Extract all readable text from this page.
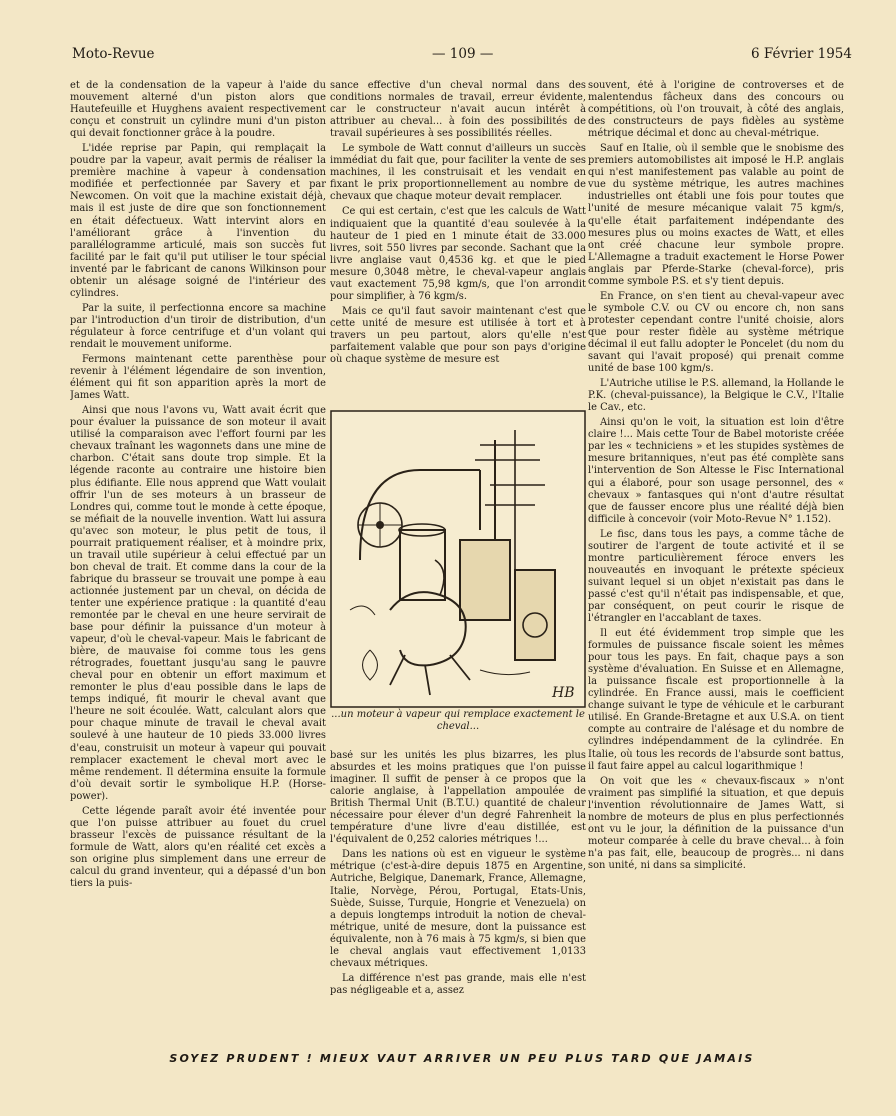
Moto-Revue	— 109 —	6 Février 1954

et de la condensation de la vapeur à l'aide du mouvement alterné d'un piston alors que Hautefeuille et Huyghens avaient respectivement conçu et construit un cylindre muni d'un piston qui devait fonctionner grâce à la poudre.

L'idée reprise par Papin, qui remplaçait la poudre par la vapeur, avait permis de réaliser la première machine à vapeur à condensation modifiée et perfectionnée par Savery et par Newcomen. On voit que la machine existait déjà, mais il est juste de dire que son fonctionnement en était défectueux. Watt intervint alors en l'améliorant grâce à l'invention du parallélogramme articulé, mais son succès fut facilité par le fait qu'il put utiliser le tour spécial inventé par le fabricant de canons Wilkinson pour obtenir un alésage soigné de l'intérieur des cylindres.

Par la suite, il perfectionna encore sa machine par l'introduction d'un tiroir de distribution, d'un régulateur à force centrifuge et d'un volant qui rendait le mouvement uniforme.

Fermons maintenant cette parenthèse pour revenir à l'élément légendaire de son invention, élément qui fit son apparition après la mort de James Watt.

Ainsi que nous l'avons vu, Watt avait écrit que pour évaluer la puissance de son moteur il avait utilisé la comparaison avec l'effort fourni par les chevaux traînant les wagonnets dans une mine de charbon. C'était sans doute trop simple. Et la légende raconte au contraire une histoire bien plus édifiante. Elle nous apprend que Watt voulait offrir l'un de ses moteurs à un brasseur de Londres qui, comme tout le monde à cette époque, se méfiait de la nouvelle invention. Watt lui assura qu'avec son moteur, le plus petit de tous, il pourrait pratiquement réaliser, et à moindre prix, un travail utile supérieur à celui effectué par un bon cheval de trait. Et comme dans la cour de la fabrique du brasseur se trouvait une pompe à eau actionnée justement par un cheval, on décida de tenter une expérience pratique : la quantité d'eau remontée par le cheval en une heure servirait de base pour définir la puissance d'un moteur à vapeur, d'où le cheval-vapeur. Mais le fabricant de bière, de mauvaise foi comme tous les gens rétrogrades, fouettant jusqu'au sang le pauvre cheval pour en obtenir un effort maximum et remonter le plus d'eau possible dans le laps de temps indiqué, fit mourir le cheval avant que l'heure ne soit écoulée. Watt, calculant alors que pour chaque minute de travail le cheval avait soulevé à une hauteur de 10 pieds 33.000 livres d'eau, construisit un moteur à vapeur qui pouvait remplacer exactement le cheval mort avec le même rendement. Il détermina ensuite la formule d'où devait sortir le symbolique H.P. (Horse-power).

Cette légende paraît avoir été inventée pour que l'on puisse attribuer au fouet du cruel brasseur l'excès de puissance résultant de la formule de Watt, alors qu'en réalité cet excès a son origine plus simplement dans une erreur de calcul du grand inventeur, qui a dépassé d'un bon tiers la puis-

sance effective d'un cheval normal dans des conditions normales de travail, erreur évidente, car le constructeur n'avait aucun intérêt à attribuer au cheval... à foin des possibilités de travail supérieures à ses possibilités réelles.

Le symbole de Watt connut d'ailleurs un succès immédiat du fait que, pour faciliter la vente de ses machines, il les construisait et les vendait en fixant le prix proportionnellement au nombre de chevaux que chaque moteur devait remplacer.

Ce qui est certain, c'est que les calculs de Watt indiquaient que la quantité d'eau soulevée à la hauteur de 1 pied en 1 minute était de 33.000 livres, soit 550 livres par seconde. Sachant que la livre anglaise vaut 0,4536 kg. et que le pied mesure 0,3048 mètre, le cheval-vapeur anglais vaut exactement 75,98 kgm/s, que l'on arrondit pour simplifier, à 76 kgm/s.

Mais ce qu'il faut savoir maintenant c'est que cette unité de mesure est utilisée à tort et à travers un peu partout, alors qu'elle n'est parfaitement valable que pour son pays d'origine où chaque système de mesure est

HB
...un moteur à vapeur qui remplace exactement le cheval...

basé sur les unités les plus bizarres, les plus absurdes et les moins pratiques que l'on puisse imaginer. Il suffit de penser à ce propos que la calorie anglaise, à l'appellation ampoulée de British Thermal Unit (B.T.U.) quantité de chaleur nécessaire pour élever d'un degré Fahrenheit la température d'une livre d'eau distillée, est l'équivalent de 0,252 calories métriques !...

Dans les nations où est en vigueur le système métrique (c'est-à-dire depuis 1875 en Argentine, Autriche, Belgique, Danemark, France, Allemagne, Italie, Norvège, Pérou, Portugal, Etats-Unis, Suède, Suisse, Turquie, Hongrie et Venezuela) on a depuis longtemps introduit la notion de cheval-métrique, unité de mesure, dont la puissance est équivalente, non à 76 mais à 75 kgm/s, si bien que le cheval anglais vaut effectivement 1,0133 chevaux métriques.

La différence n'est pas grande, mais elle n'est pas négligeable et a, assez

souvent, été à l'origine de controverses et de malentendus fâcheux dans des concours ou compétitions, où l'on trouvait, à côté des anglais, des constructeurs de pays fidèles au système métrique décimal et donc au cheval-métrique.

Sauf en Italie, où il semble que le snobisme des premiers automobilistes ait imposé le H.P. anglais qui n'est manifestement pas valable au point de vue du système métrique, les autres machines industrielles ont établi une fois pour toutes que l'unité de mesure mécanique valait 75 kgm/s, qu'elle était parfaitement indépendante des mesures plus ou moins exactes de Watt, et elles ont créé chacune leur symbole propre. L'Allemagne a traduit exactement le Horse Power anglais par Pferde-Starke (cheval-force), pris comme symbole P.S. et s'y tient depuis.

En France, on s'en tient au cheval-vapeur avec le symbole C.V. ou CV ou encore ch, non sans protester cependant contre l'unité choisie, alors que pour rester fidèle au système métrique décimal il eut fallu adopter le Poncelet (du nom du savant qui l'avait proposé) qui prenait comme unité de base 100 kgm/s.

L'Autriche utilise le P.S. allemand, la Hollande le P.K. (cheval-puissance), la Belgique le C.V., l'Italie le Cav., etc.

Ainsi qu'on le voit, la situation est loin d'être claire !... Mais cette Tour de Babel motoriste créée par les « techniciens » et les stupides systèmes de mesure britanniques, n'eut pas été complète sans l'intervention de Son Altesse le Fisc International qui a élaboré, pour son usage personnel, des « chevaux » fantasques qui n'ont d'autre résultat que de fausser encore plus une réalité déjà bien difficile à concevoir (voir Moto-Revue N° 1.152).

Le fisc, dans tous les pays, a comme tâche de soutirer de l'argent de toute activité et il se montre particulièrement féroce envers les nouveautés en invoquant le prétexte spécieux suivant lequel si un objet n'existait pas dans le passé c'est qu'il n'était pas indispensable, et que, par conséquent, on peut courir le risque de l'étrangler en l'accablant de taxes.

Il eut été évidemment trop simple que les formules de puissance fiscale soient les mêmes pour tous les pays. En fait, chaque pays a son système d'évaluation. En Suisse et en Allemagne, la puissance fiscale est proportionnelle à la cylindrée. En France aussi, mais le coefficient change suivant le type de véhicule et le carburant utilisé. En Grande-Bretagne et aux U.S.A. on tient compte au contraire de l'alésage et du nombre de cylindres indépendamment de la cylindrée. En Italie, où tous les records de l'absurde sont battus, il faut faire appel au calcul logarithmique !

On voit que les « chevaux-fiscaux » n'ont vraiment pas simplifié la situation, et que depuis l'invention révolutionnaire de James Watt, si nombre de moteurs de plus en plus perfectionnés ont vu le jour, la définition de la puissance d'un moteur comparée à celle du brave cheval... à foin n'a pas fait, elle, beaucoup de progrès... ni dans son unité, ni dans sa simplicité.

SOYEZ PRUDENT ! MIEUX VAUT ARRIVER UN PEU PLUS TARD QUE JAMAIS
